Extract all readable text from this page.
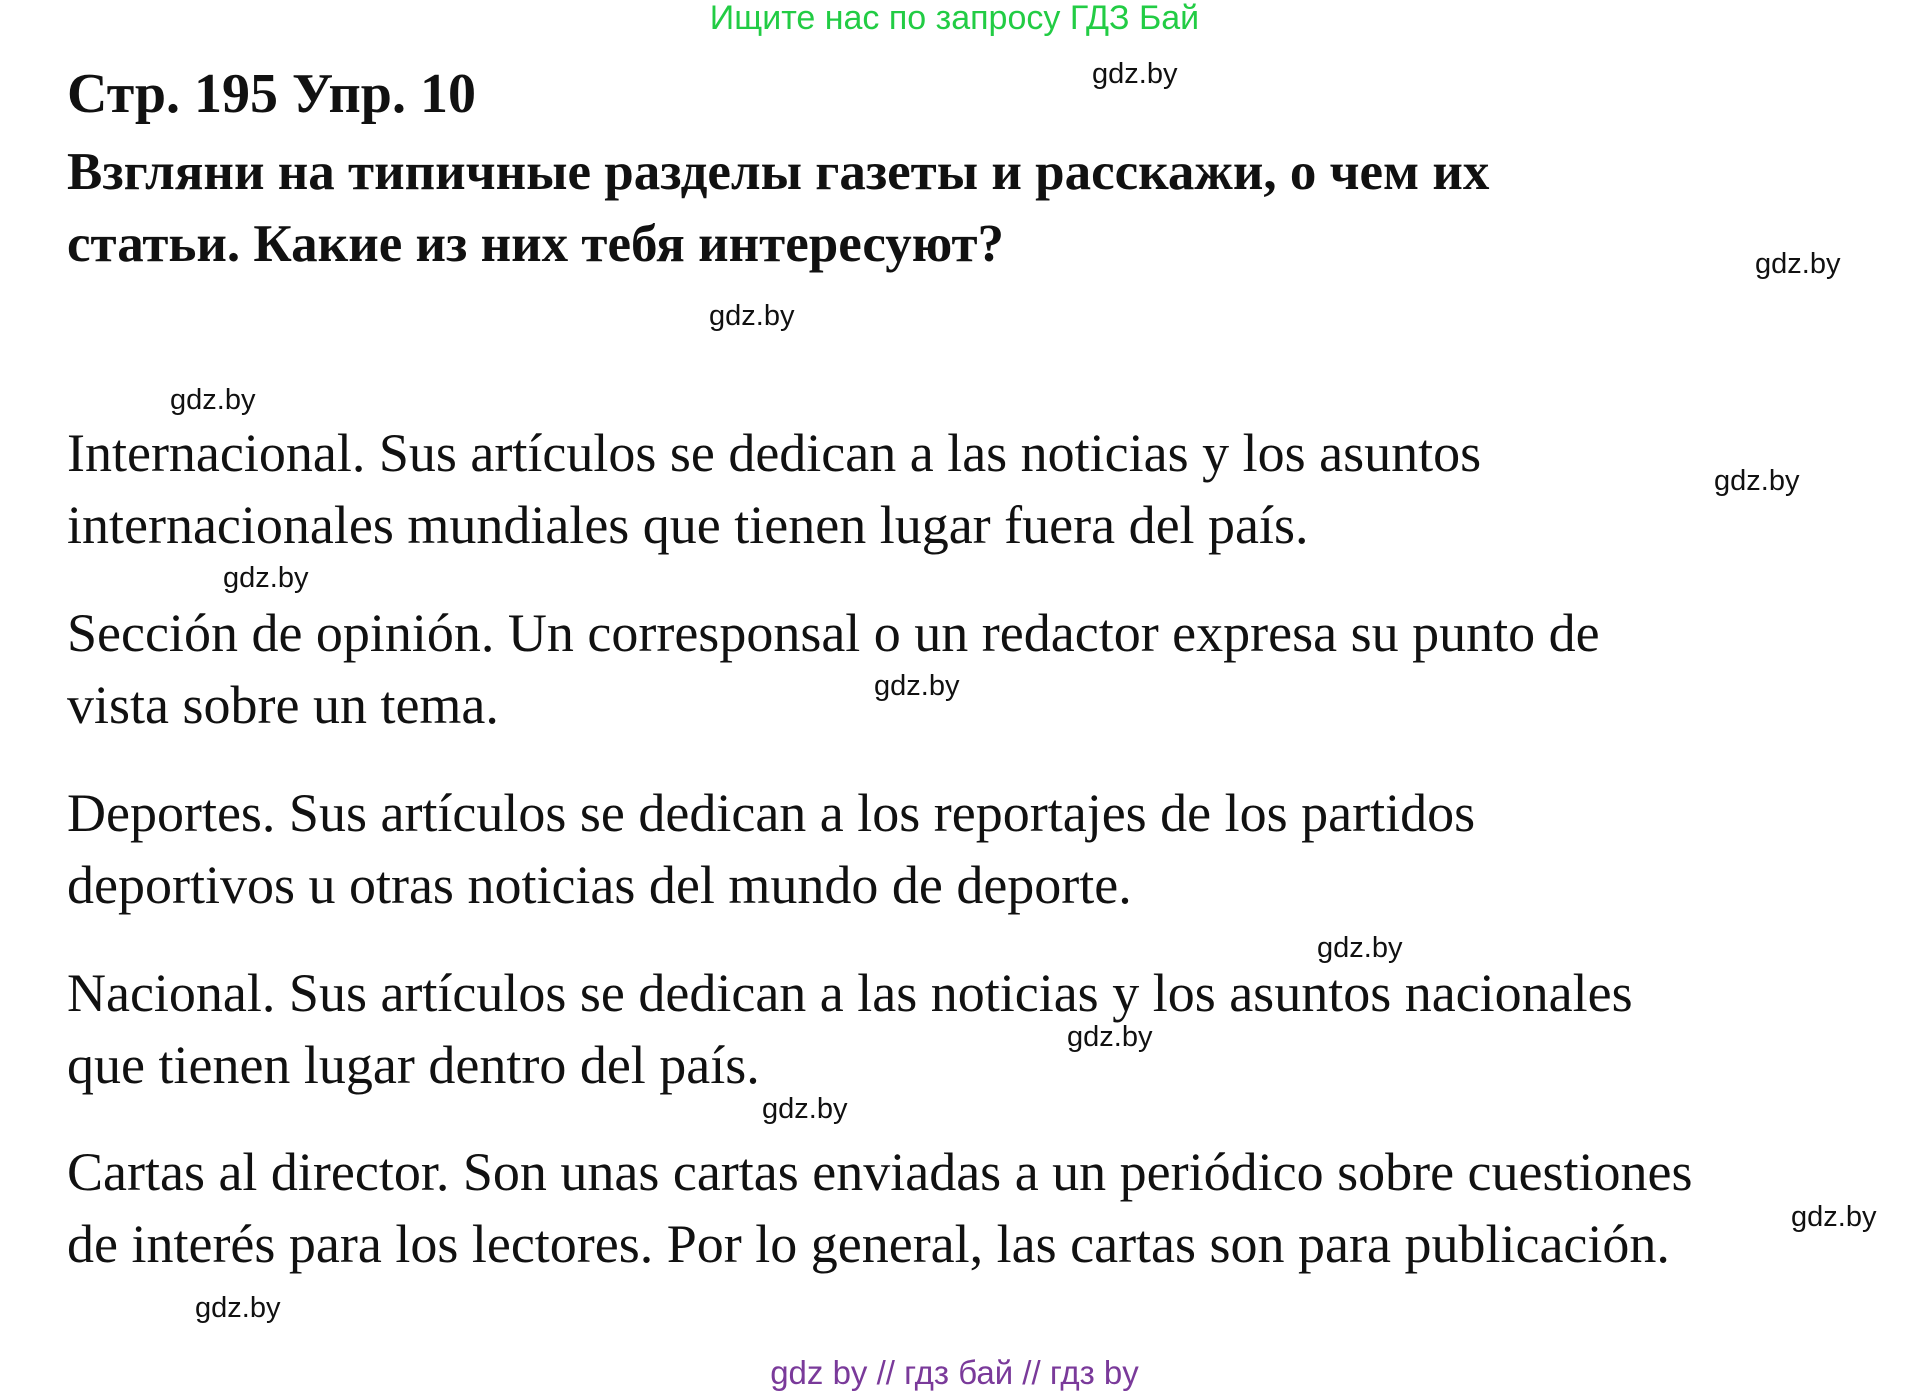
Ищите нас по запросу ГДЗ Бай
Стр. 195 Упр. 10
Взгляни на типичные разделы газеты и расскажи, о чем их
статьи. Какие из них тебя интересуют?
Internacional. Sus artículos se dedican a las noticias y los asuntos
internacionales mundiales que tienen lugar fuera del país.
Sección de opinión. Un corresponsal o un redactor expresa su punto de
vista sobre un tema.
Deportes. Sus artículos se dedican a los reportajes de los partidos
deportivos u otras noticias del mundo de deporte.
Nacional. Sus artículos se dedican a las noticias y los asuntos nacionales
que tienen lugar dentro del país.
Cartas al director. Son unas cartas enviadas a un periódico sobre cuestiones
de interés para los lectores. Por lo general, las cartas son para publicación.
gdz.by
gdz.by
gdz.by
gdz.by
gdz.by
gdz.by
gdz.by
gdz.by
gdz.by
gdz.by
gdz.by
gdz.by
gdz by // гдз бай // гдз by
